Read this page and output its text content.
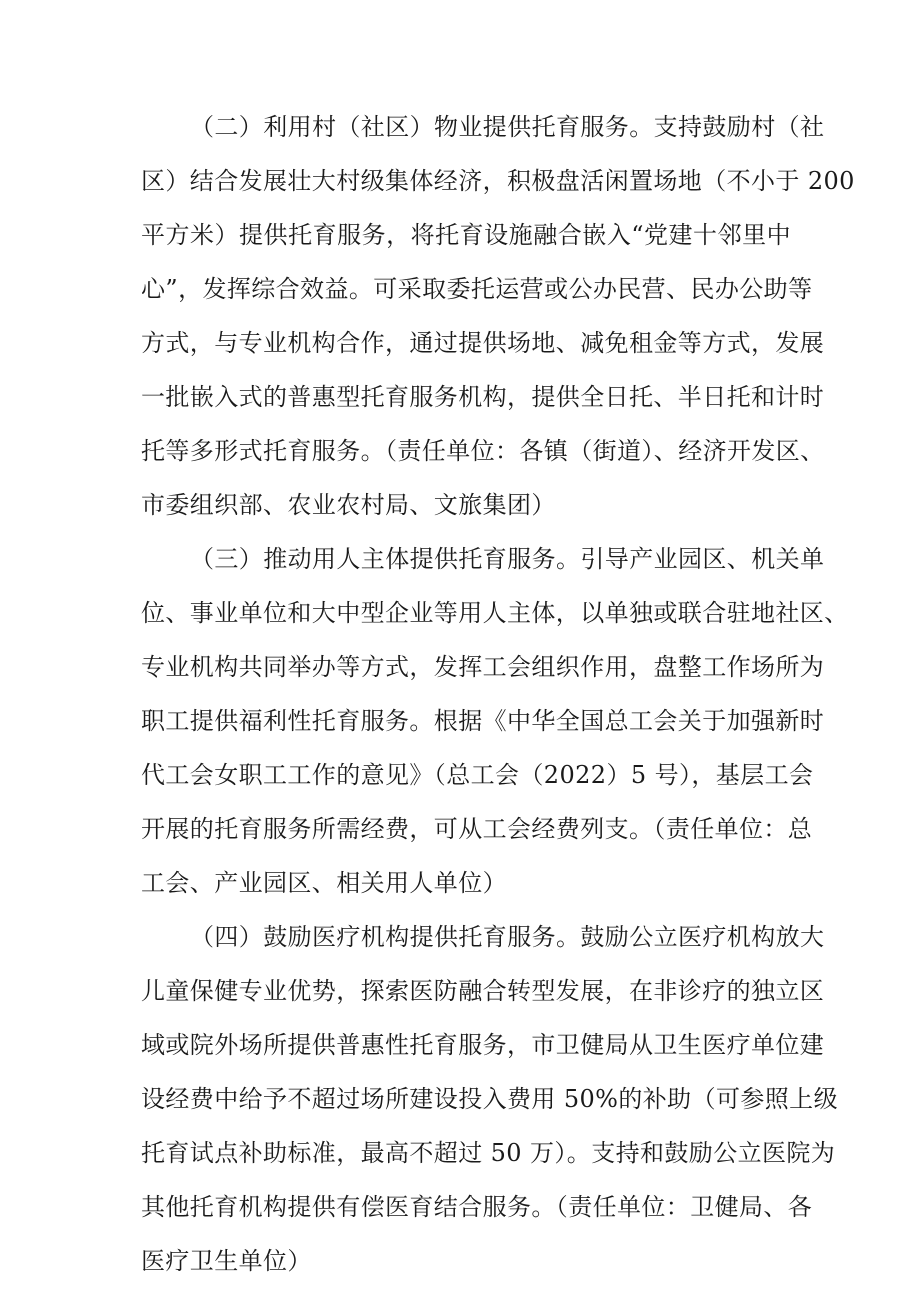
（二）利用村（社区）物业提供托育服务。支持鼓励村（社
区）结合发展壮大村级集体经济，积极盘活闲置场地（不小于 200
平方米）提供托育服务，将托育设施融合嵌入“党建十邻里中
心”，发挥综合效益。可采取委托运营或公办民营、民办公助等
方式，与专业机构合作，通过提供场地、减免租金等方式，发展
一批嵌入式的普惠型托育服务机构，提供全日托、半日托和计时
托等多形式托育服务。（责任单位：各镇（街道）、经济开发区、
市委组织部、农业农村局、文旅集团）
（三）推动用人主体提供托育服务。引导产业园区、机关单
位、事业单位和大中型企业等用人主体，以单独或联合驻地社区、
专业机构共同举办等方式，发挥工会组织作用，盘整工作场所为
职工提供福利性托育服务。根据《中华全国总工会关于加强新时
代工会女职工工作的意见》（总工会（2022）5 号），基层工会
开展的托育服务所需经费，可从工会经费列支。（责任单位：总
工会、产业园区、相关用人单位）
（四）鼓励医疗机构提供托育服务。鼓励公立医疗机构放大
儿童保健专业优势，探索医防融合转型发展，在非诊疗的独立区
域或院外场所提供普惠性托育服务，市卫健局从卫生医疗单位建
设经费中给予不超过场所建设投入费用 50%的补助（可参照上级
托育试点补助标准，最高不超过 50 万）。支持和鼓励公立医院为
其他托育机构提供有偿医育结合服务。（责任单位：卫健局、各
医疗卫生单位）
